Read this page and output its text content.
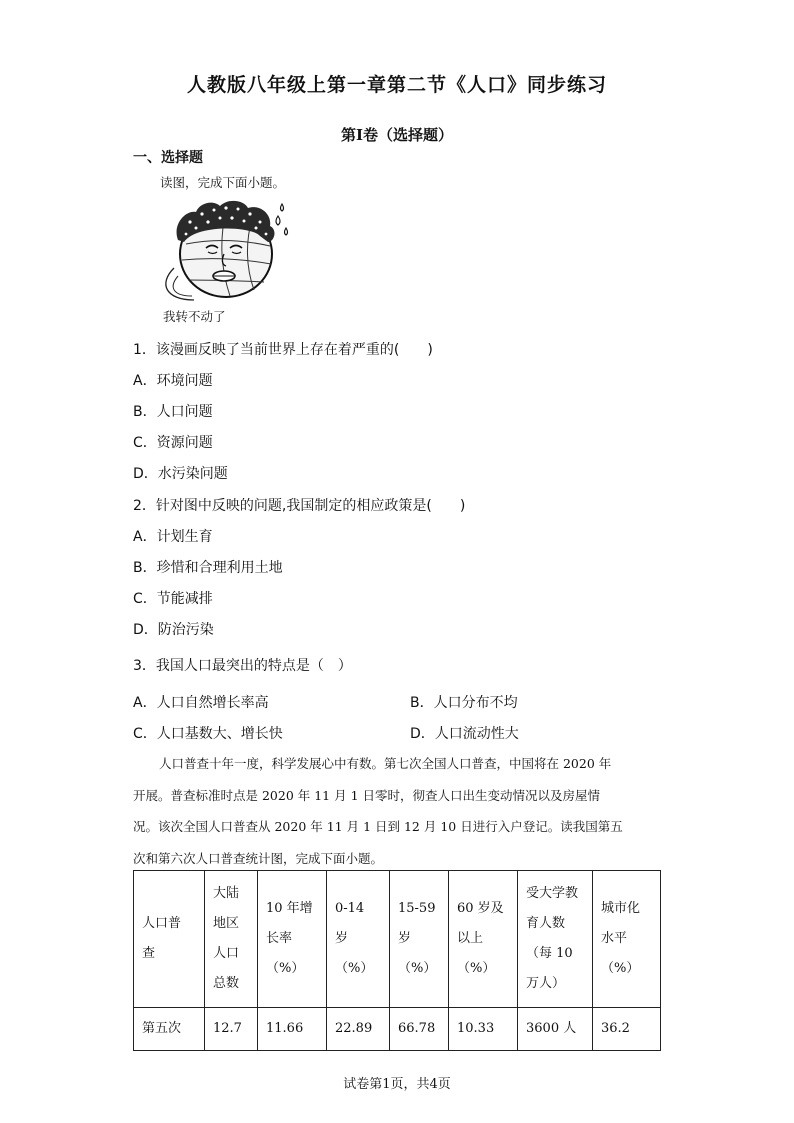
人教版八年级上第一章第二节《人口》同步练习
第I卷（选择题）
一、选择题
读图，完成下面小题。
我转不动了
1．该漫画反映了当前世界上存在着严重的(　　)
A．环境问题
B．人口问题
C．资源问题
D．水污染问题
2．针对图中反映的问题,我国制定的相应政策是(　　)
A．计划生育
B．珍惜和合理利用土地
C．节能减排
D．防治污染
3．我国人口最突出的特点是（　）
A．人口自然增长率高	B．人口分布不均
C．人口基数大、增长快	D．人口流动性大
人口普查十年一度，科学发展心中有数。第七次全国人口普查，中国将在 2020 年
开展。普查标准时点是 2020 年 11 月 1 日零时，彻查人口出生变动情况以及房屋情
况。该次全国人口普查从 2020 年 11 月 1 日到 12 月 10 日进行入户登记。读我国第五
次和第六次人口普查统计图，完成下面小题。
人口普
查	大陆
地区
人口
总数	10 年增
长率
（%）	0-14 岁
（%）	15-59
岁
（%）	60 岁及
以上
（%）	受大学教
育人数
（每 10
万人）	城市化
水平
（%）
第五次	12.7	11.66	22.89	66.78	10.33	3600 人	36.2
试卷第1页，共4页
